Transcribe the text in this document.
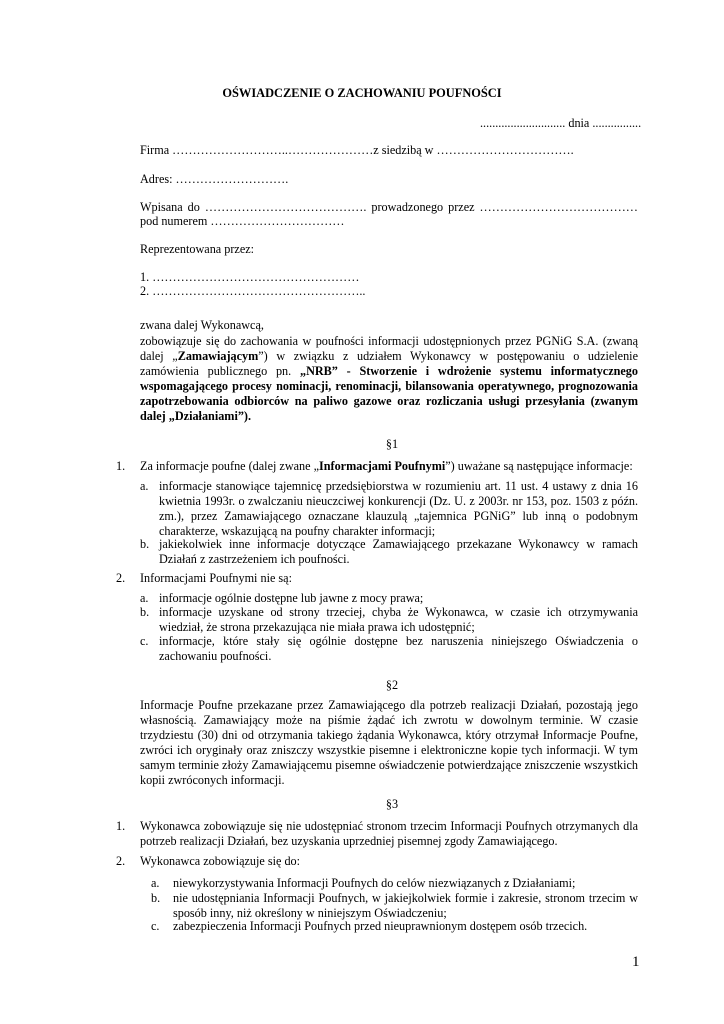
OŚWIADCZENIE O ZACHOWANIU POUFNOŚCI
............................ dnia ................
Firma ………………………..…………………z siedzibą w …………………………….
Adres: ……………………….
Wpisana do …………………………………. prowadzonego przez …………………………………
pod numerem ……………………………
Reprezentowana przez:
1. ……………………………………………
2. ……………………………………………..
zwana dalej Wykonawcą,
zobowiązuje się do zachowania w poufności informacji udostępnionych przez PGNiG S.A. (zwaną dalej „Zamawiającym”) w związku z udziałem Wykonawcy w postępowaniu o udzielenie zamówienia publicznego pn. „NRB” - Stworzenie i wdrożenie systemu informatycznego wspomagającego procesy nominacji, renominacji, bilansowania operatywnego, prognozowania zapotrzebowania odbiorców na paliwo gazowe oraz rozliczania usługi przesyłania (zwanym dalej „Działaniami”).
§1
1. Za informacje poufne (dalej zwane „Informacjami Poufnymi”) uważane są następujące informacje:
a. informacje stanowiące tajemnicę przedsiębiorstwa w rozumieniu art. 11 ust. 4 ustawy z dnia 16 kwietnia 1993r. o zwalczaniu nieuczciwej konkurencji (Dz. U. z 2003r. nr 153, poz. 1503 z późn. zm.), przez Zamawiającego oznaczane klauzulą „tajemnica PGNiG” lub inną o podobnym charakterze, wskazującą na poufny charakter informacji;
b. jakiekolwiek inne informacje dotyczące Zamawiającego przekazane Wykonawcy w ramach Działań z zastrzeżeniem ich poufności.
2. Informacjami Poufnymi nie są:
a. informacje ogólnie dostępne lub jawne z mocy prawa;
b. informacje uzyskane od strony trzeciej, chyba że Wykonawca, w czasie ich otrzymywania wiedział, że strona przekazująca nie miała prawa ich udostępnić;
c. informacje, które stały się ogólnie dostępne bez naruszenia niniejszego Oświadczenia o zachowaniu poufności.
§2
Informacje Poufne przekazane przez Zamawiającego dla potrzeb realizacji Działań, pozostają jego własnością. Zamawiający może na piśmie żądać ich zwrotu w dowolnym terminie. W czasie trzydziestu (30) dni od otrzymania takiego żądania Wykonawca, który otrzymał Informacje Poufne, zwróci ich oryginały oraz zniszczy wszystkie pisemne i elektroniczne kopie tych informacji. W tym samym terminie złoży Zamawiającemu pisemne oświadczenie potwierdzające zniszczenie wszystkich kopii zwróconych informacji.
§3
1. Wykonawca zobowiązuje się nie udostępniać stronom trzecim Informacji Poufnych otrzymanych dla potrzeb realizacji Działań, bez uzyskania uprzedniej pisemnej zgody Zamawiającego.
2. Wykonawca zobowiązuje się do:
a. niewykorzystywania Informacji Poufnych do celów niezwiązanych z Działaniami;
b. nie udostępniania Informacji Poufnych, w jakiejkolwiek formie i zakresie, stronom trzecim w sposób inny, niż określony w niniejszym Oświadczeniu;
c. zabezpieczenia Informacji Poufnych przed nieuprawnionym dostępem osób trzecich.
1
